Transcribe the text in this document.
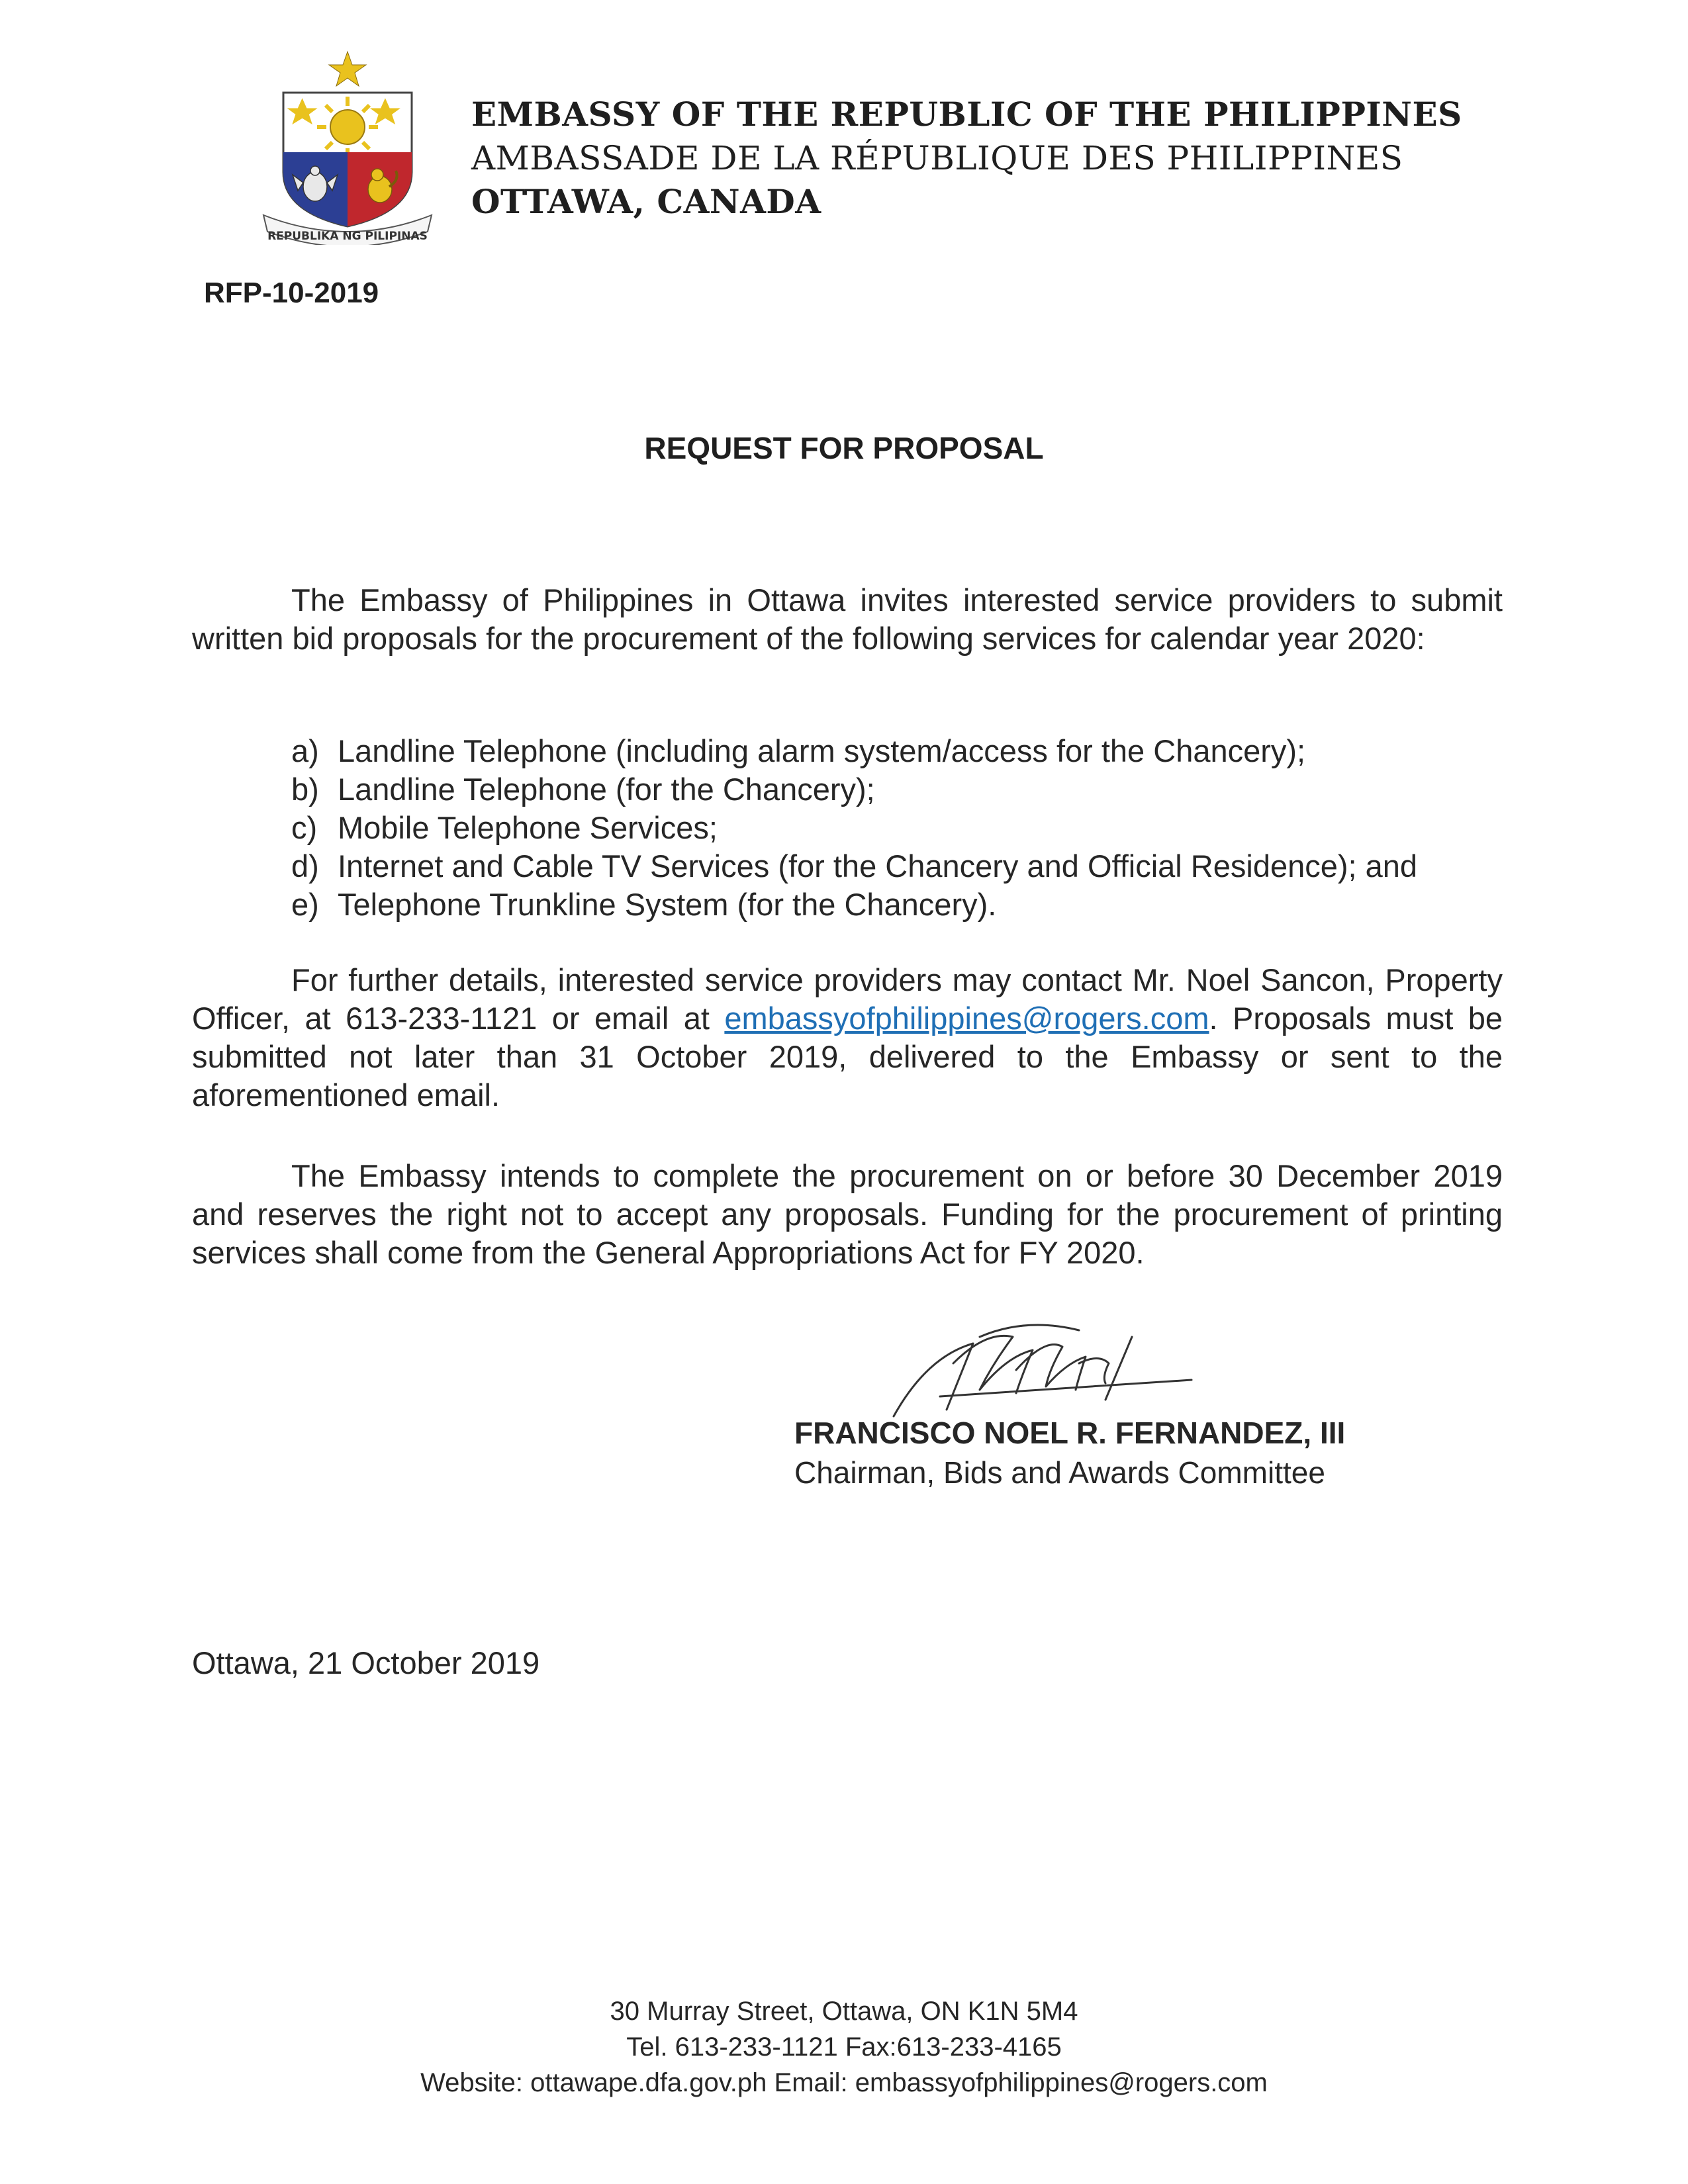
REPUBLIKA NG PILIPINAS
EMBASSY OF THE REPUBLIC OF THE PHILIPPINES
AMBASSADE DE LA RÉPUBLIQUE DES PHILIPPINES
OTTAWA, CANADA
RFP-10-2019
REQUEST FOR PROPOSAL

The Embassy of Philippines in Ottawa invites interested service providers to submit written bid proposals for the procurement of the following services for calendar year 2020:

a) Landline Telephone (including alarm system/access for the Chancery);
b) Landline Telephone (for the Chancery);
c) Mobile Telephone Services;
d) Internet and Cable TV Services (for the Chancery and Official Residence); and
e) Telephone Trunkline System (for the Chancery).

For further details, interested service providers may contact Mr. Noel Sancon, Property Officer, at 613-233-1121 or email at embassyofphilippines@rogers.com. Proposals must be submitted not later than 31 October 2019, delivered to the Embassy or sent to the aforementioned email.

The Embassy intends to complete the procurement on or before 30 December 2019 and reserves the right not to accept any proposals. Funding for the procurement of printing services shall come from the General Appropriations Act for FY 2020.

FRANCISCO NOEL R. FERNANDEZ, III
Chairman, Bids and Awards Committee
Ottawa, 21 October 2019
30 Murray Street, Ottawa, ON K1N 5M4
Tel. 613-233-1121 Fax:613-233-4165
Website: ottawape.dfa.gov.ph Email: embassyofphilippines@rogers.com
